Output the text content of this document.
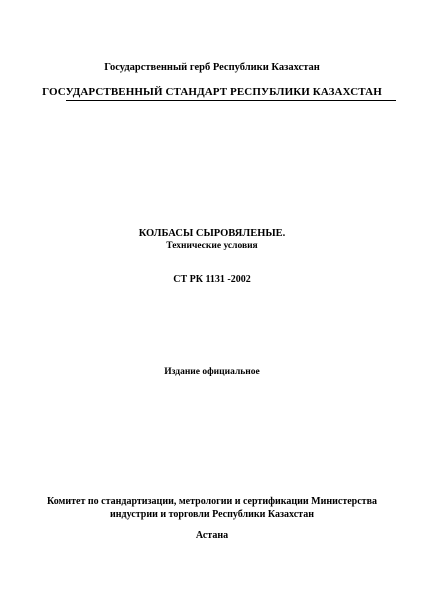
Государственный герб Республики Казахстан
ГОСУДАРСТВЕННЫЙ СТАНДАРТ РЕСПУБЛИКИ КАЗАХСТАН
КОЛБАСЫ СЫРОВЯЛЕНЫЕ.
Технические условия
СТ РК 1131 -2002
Издание официальное
Комитет по стандартизации, метрологии и сертификации Министерства
индустрии и торговли Республики Казахстан
Астана
